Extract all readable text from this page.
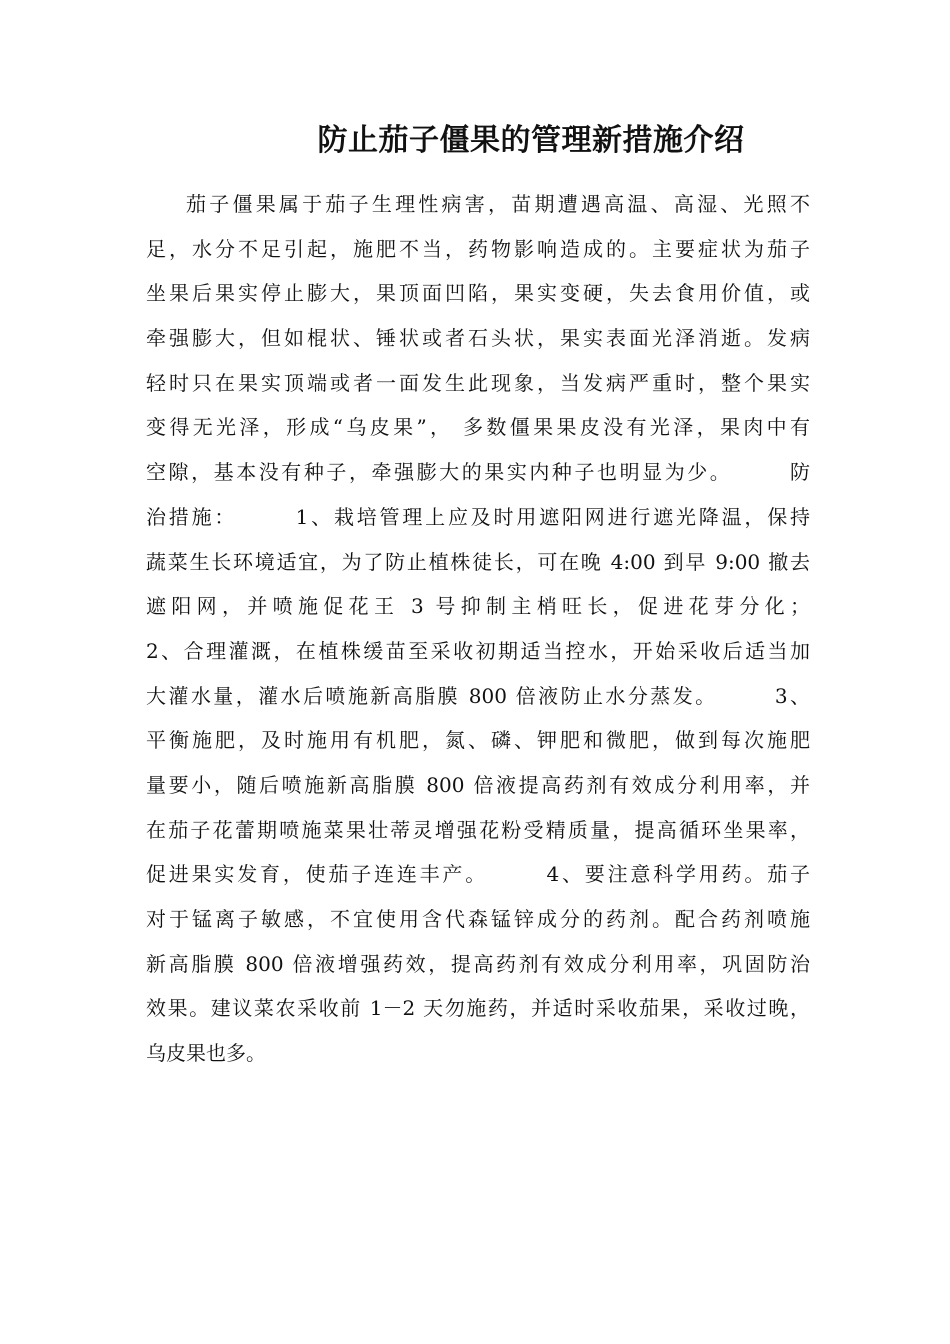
防止茄子僵果的管理新措施介绍
茄子僵果属于茄子生理性病害，苗期遭遇高温、高湿、光照不
足，水分不足引起，施肥不当，药物影响造成的。主要症状为茄子
坐果后果实停止膨大，果顶面凹陷，果实变硬，失去食用价值，或
牵强膨大，但如棍状、锤状或者石头状，果实表面光泽消逝。发病
轻时只在果实顶端或者一面发生此现象，当发病严重时，整个果实
变得无光泽，形成“乌皮果”， 多数僵果果皮没有光泽，果肉中有
空隙，基本没有种子，牵强膨大的果实内种子也明显为少。　　　防
治措施：　　　1、栽培管理上应及时用遮阳网进行遮光降温，保持
蔬菜生长环境适宜，为了防止植株徒长，可在晚 4:00 到早 9:00 撤去
遮阳网，并喷施促花王 3 号抑制主梢旺长，促进花芽分化；
2、合理灌溉，在植株缓苗至采收初期适当控水，开始采收后适当加
大灌水量，灌水后喷施新高脂膜 800 倍液防止水分蒸发。　　　3、
平衡施肥，及时施用有机肥，氮、磷、钾肥和微肥，做到每次施肥
量要小，随后喷施新高脂膜 800 倍液提高药剂有效成分利用率，并
在茄子花蕾期喷施菜果壮蒂灵增强花粉受精质量，提高循环坐果率，
促进果实发育，使茄子连连丰产。　　　4、要注意科学用药。茄子
对于锰离子敏感，不宜使用含代森锰锌成分的药剂。配合药剂喷施
新高脂膜 800 倍液增强药效，提高药剂有效成分利用率，巩固防治
效果。建议菜农采收前 1－2 天勿施药，并适时采收茄果，采收过晚，
乌皮果也多。
